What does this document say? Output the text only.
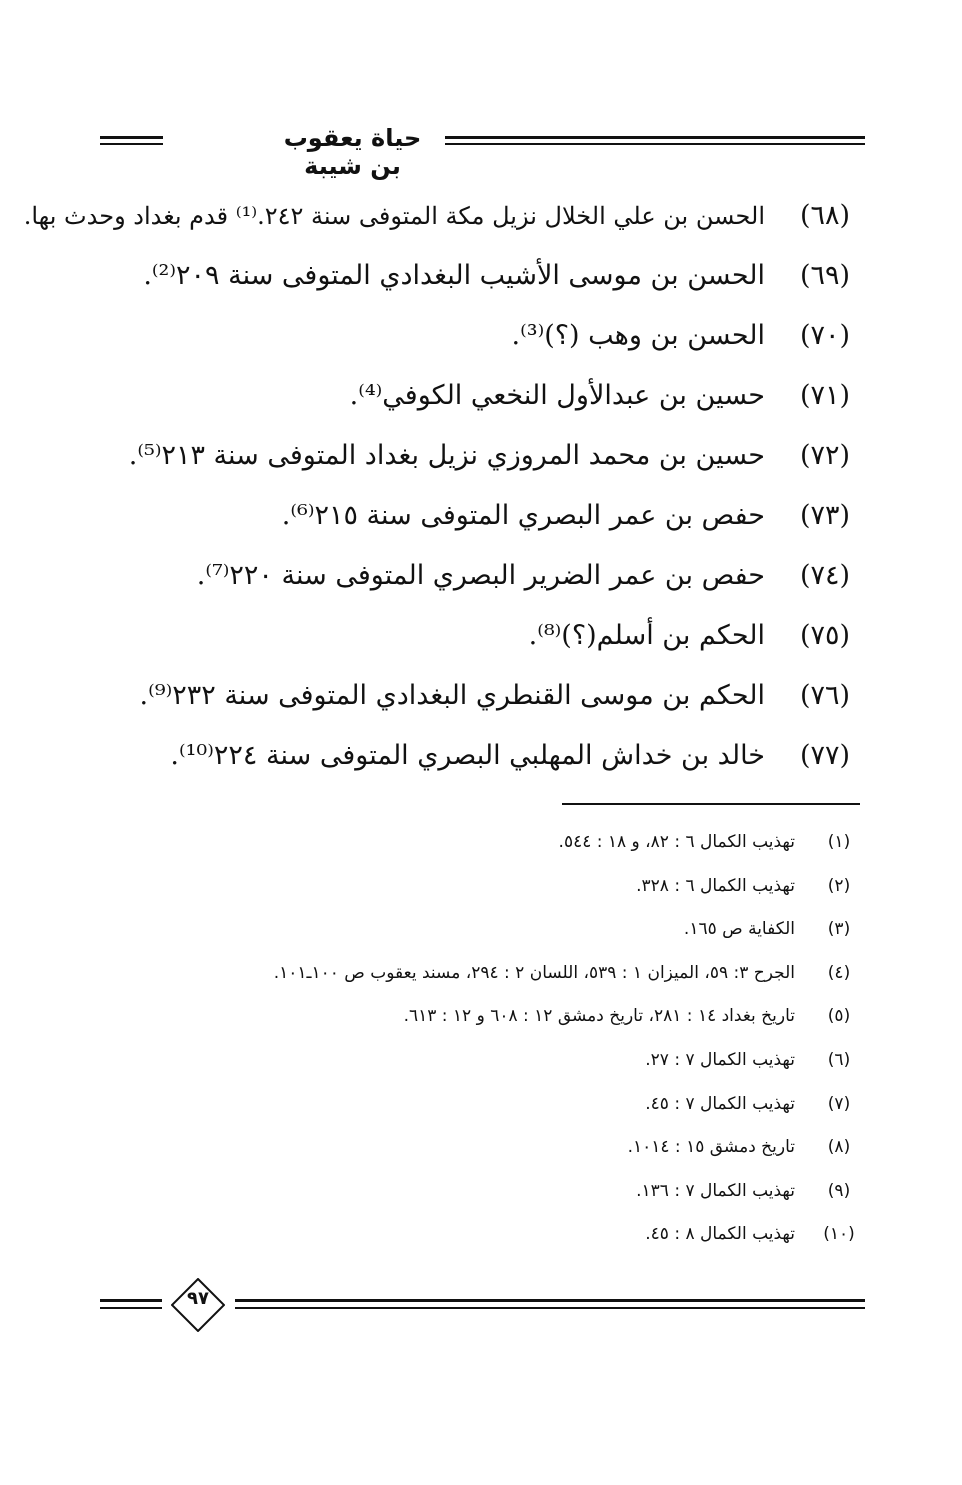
حياة يعقوب بن شيبة
(٦٨)
الحسن بن علي الخلال نزيل مكة المتوفى سنة ٢٤٢.⁽¹⁾ قدم بغداد وحدث بها.
(٦٩)
الحسن بن موسى الأشيب البغدادي المتوفى سنة ٢٠٩⁽²⁾.
(٧٠)
الحسن بن وهب (؟)⁽³⁾.
(٧١)
حسين بن عبدالأول النخعي الكوفي⁽⁴⁾.
(٧٢)
حسين بن محمد المروزي نزيل بغداد المتوفى سنة ٢١٣⁽⁵⁾.
(٧٣)
حفص بن عمر البصري المتوفى سنة ٢١٥⁽⁶⁾.
(٧٤)
حفص بن عمر الضرير البصري المتوفى سنة ٢٢٠⁽⁷⁾.
(٧٥)
الحكم بن أسلم(؟)⁽⁸⁾.
(٧٦)
الحكم بن موسى القنطري البغدادي المتوفى سنة ٢٣٢⁽⁹⁾.
(٧٧)
خالد بن خداش المهلبي البصري المتوفى سنة ٢٢٤⁽¹⁰⁾.
(١)
تهذيب الكمال ٦ : ٨٢، و ١٨ : ٥٤٤.
(٢)
تهذيب الكمال ٦ : ٣٢٨.
(٣)
الكفاية ص ١٦٥.
(٤)
الجرح ٣: ٥٩، الميزان ١ : ٥٣٩، اللسان ٢ : ٢٩٤، مسند يعقوب ص ١٠٠ـ١٠١.
(٥)
تاريخ بغداد ١٤ : ٢٨١، تاريخ دمشق ١٢ : ٦٠٨ و ١٢ : ٦١٣.
(٦)
تهذيب الكمال ٧ : ٢٧.
(٧)
تهذيب الكمال ٧ : ٤٥.
(٨)
تاريخ دمشق ١٥ : ١٠١٤.
(٩)
تهذيب الكمال ٧ : ١٣٦.
(١٠)
تهذيب الكمال ٨ : ٤٥.
٩٧
